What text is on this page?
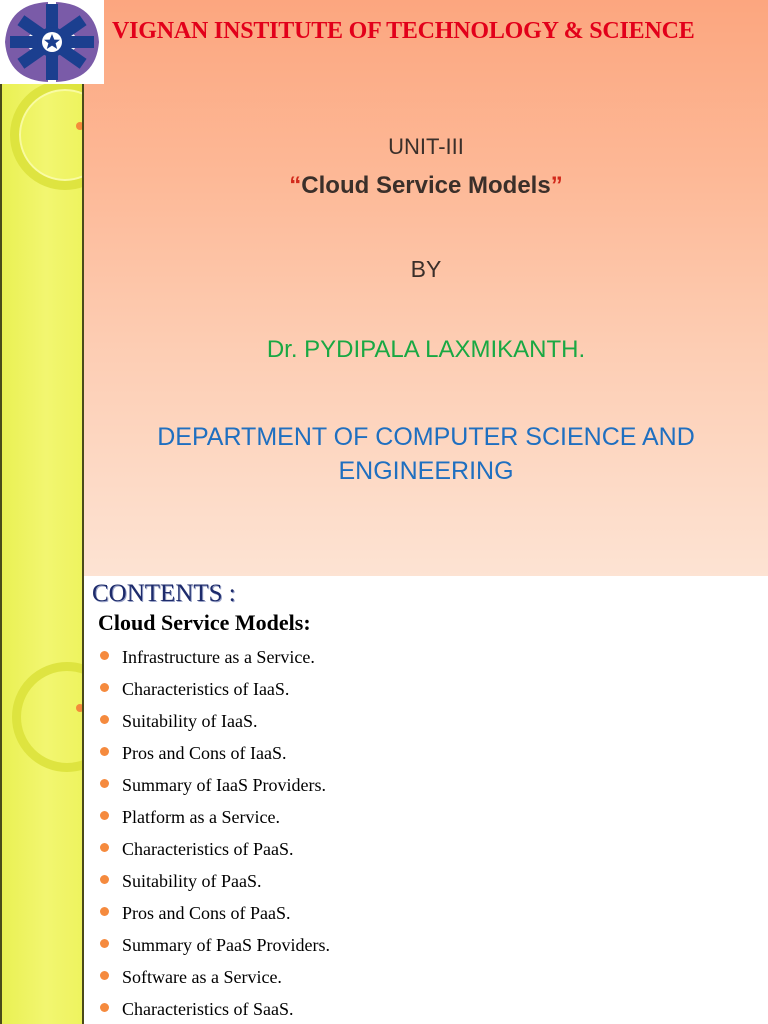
VIGNAN INSTITUTE OF TECHNOLOGY & SCIENCE
UNIT-III
“Cloud Service Models”
BY
Dr. PYDIPALA LAXMIKANTH.
DEPARTMENT OF COMPUTER SCIENCE AND
ENGINEERING
CONTENTS :
Cloud Service Models:
Infrastructure as a Service.
Characteristics of IaaS.
Suitability of IaaS.
Pros and Cons of IaaS.
Summary of IaaS Providers.
Platform as a Service.
Characteristics of PaaS.
Suitability of PaaS.
Pros and Cons of PaaS.
Summary of PaaS Providers.
Software as a Service.
Characteristics of SaaS.
